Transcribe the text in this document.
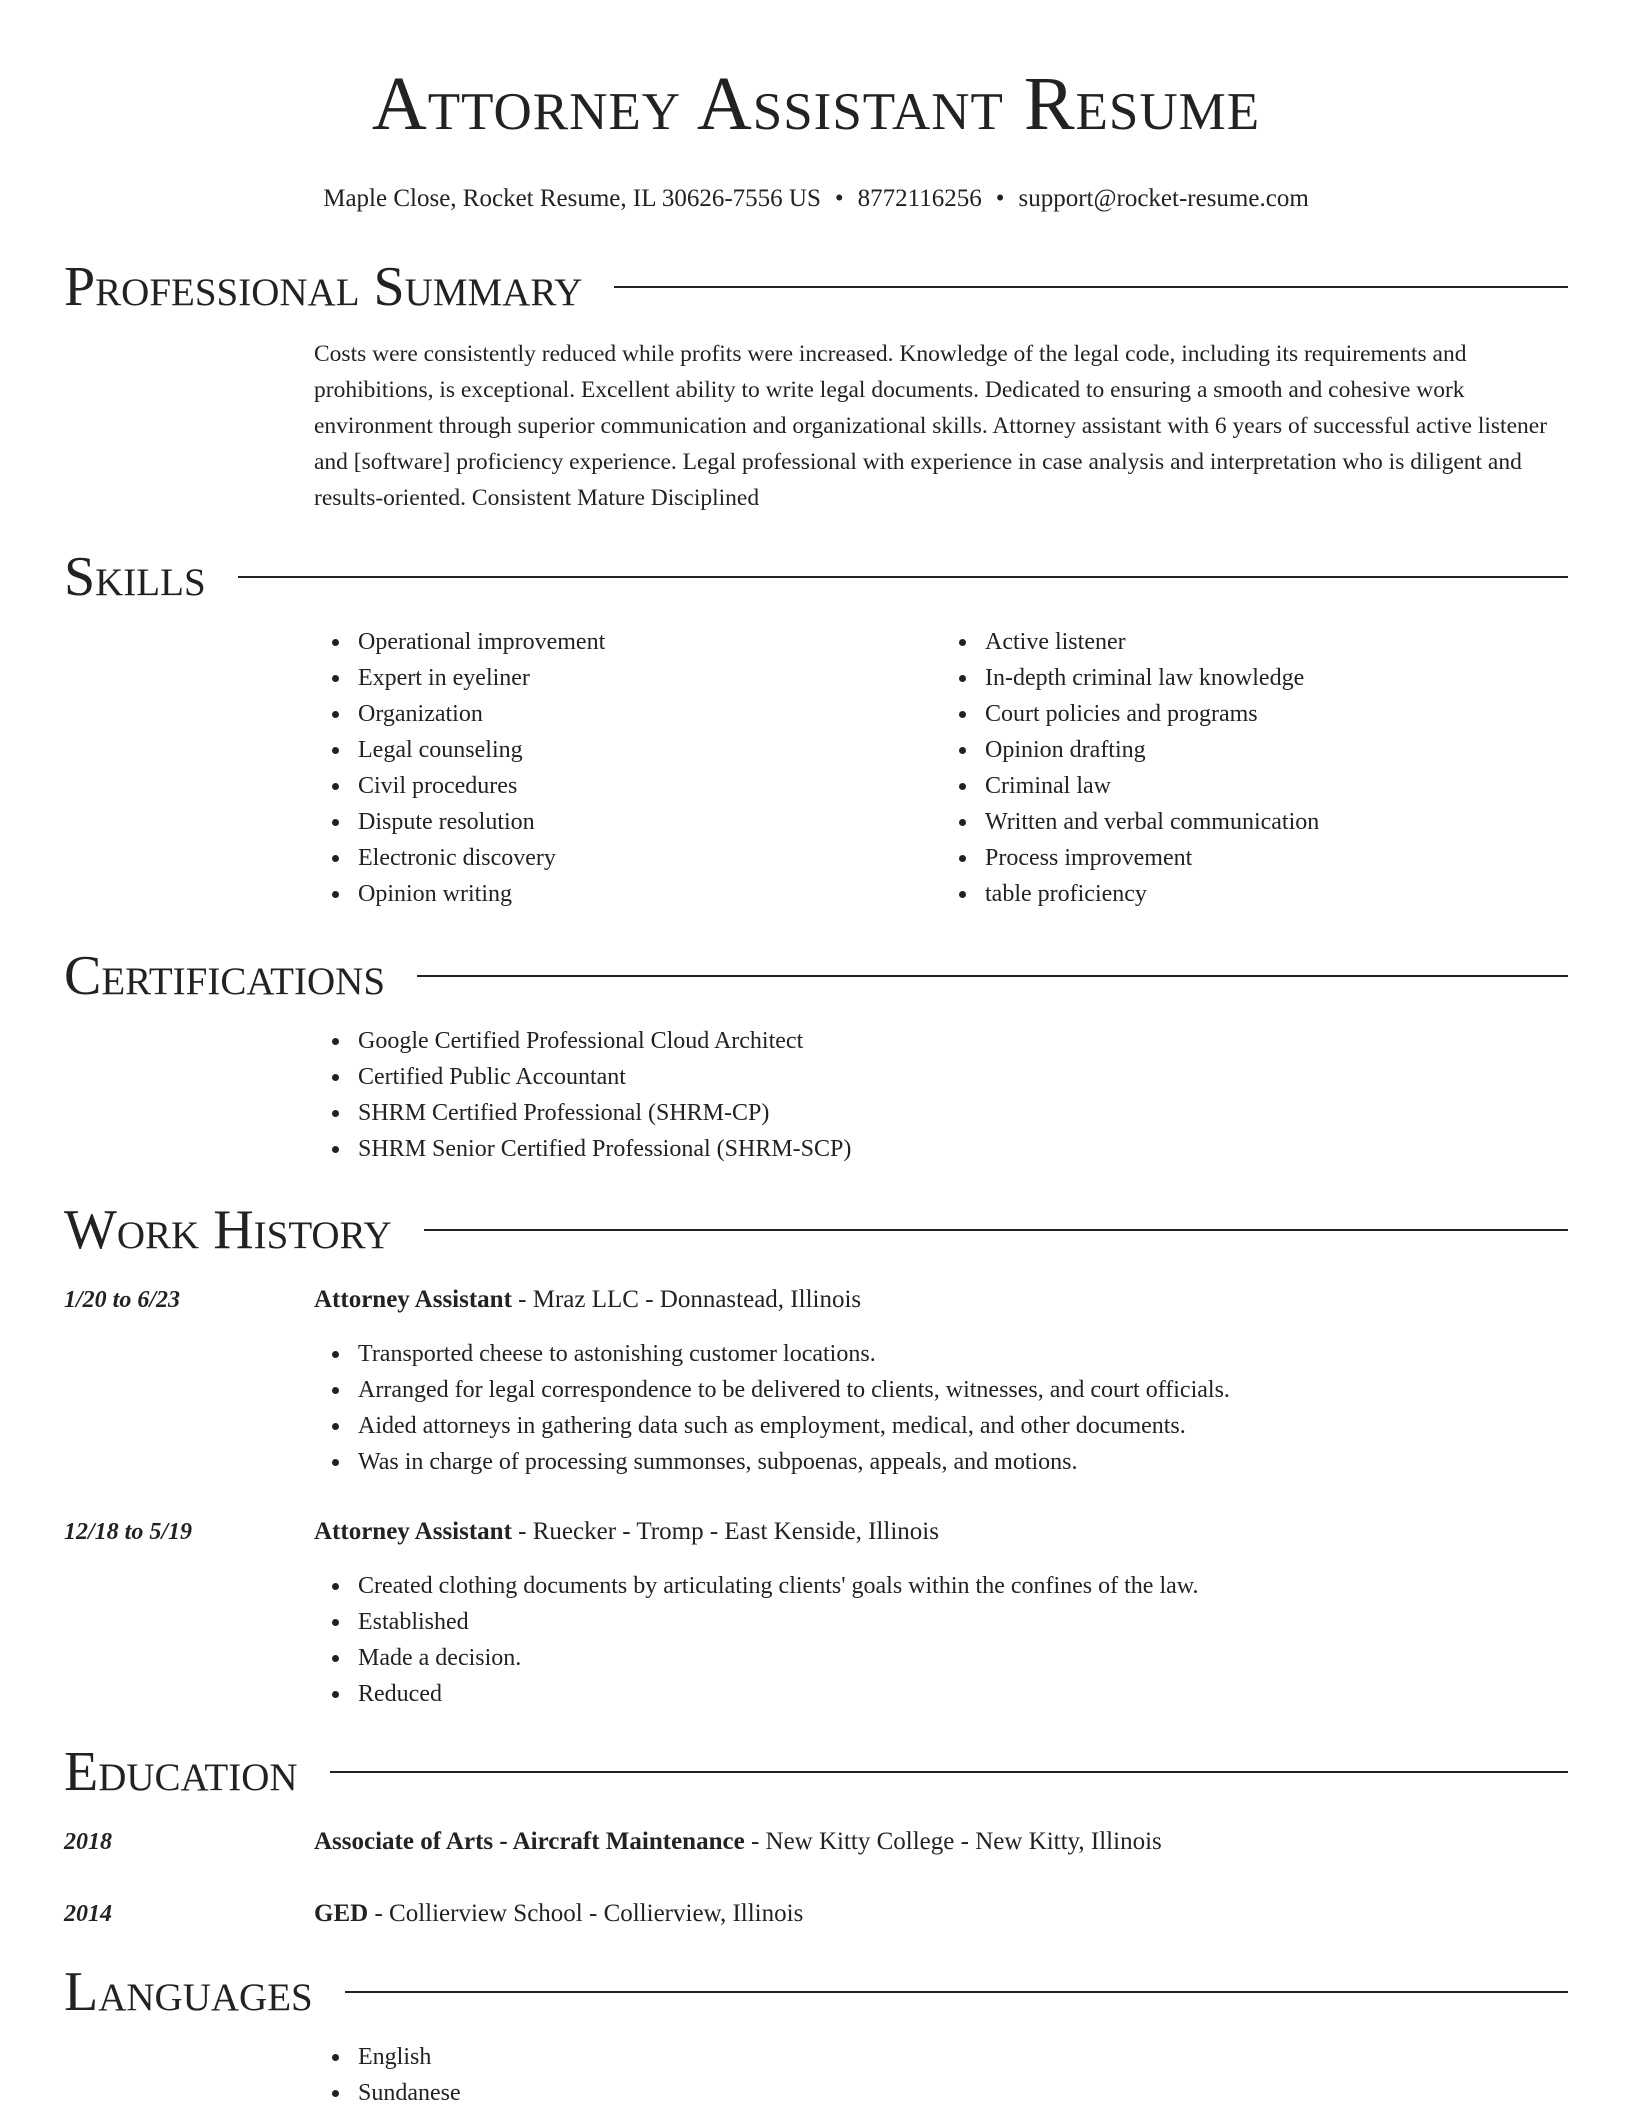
Attorney Assistant Resume
Maple Close, Rocket Resume, IL 30626-7556 US • 8772116256 • support@rocket-resume.com
Professional Summary
Costs were consistently reduced while profits were increased. Knowledge of the legal code, including its requirements and prohibitions, is exceptional. Excellent ability to write legal documents. Dedicated to ensuring a smooth and cohesive work environment through superior communication and organizational skills. Attorney assistant with 6 years of successful active listener and [software] proficiency experience. Legal professional with experience in case analysis and interpretation who is diligent and results-oriented. Consistent Mature Disciplined
Skills
Operational improvement
Expert in eyeliner
Organization
Legal counseling
Civil procedures
Dispute resolution
Electronic discovery
Opinion writing
Active listener
In-depth criminal law knowledge
Court policies and programs
Opinion drafting
Criminal law
Written and verbal communication
Process improvement
table proficiency
Certifications
Google Certified Professional Cloud Architect
Certified Public Accountant
SHRM Certified Professional (SHRM-CP)
SHRM Senior Certified Professional (SHRM-SCP)
Work History
1/20 to 6/23	Attorney Assistant - Mraz LLC - Donnastead, Illinois
Transported cheese to astonishing customer locations.
Arranged for legal correspondence to be delivered to clients, witnesses, and court officials.
Aided attorneys in gathering data such as employment, medical, and other documents.
Was in charge of processing summonses, subpoenas, appeals, and motions.
12/18 to 5/19	Attorney Assistant - Ruecker - Tromp - East Kenside, Illinois
Created clothing documents by articulating clients' goals within the confines of the law.
Established
Made a decision.
Reduced
Education
2018	Associate of Arts - Aircraft Maintenance - New Kitty College - New Kitty, Illinois
2014	GED - Collierview School - Collierview, Illinois
Languages
English
Sundanese
